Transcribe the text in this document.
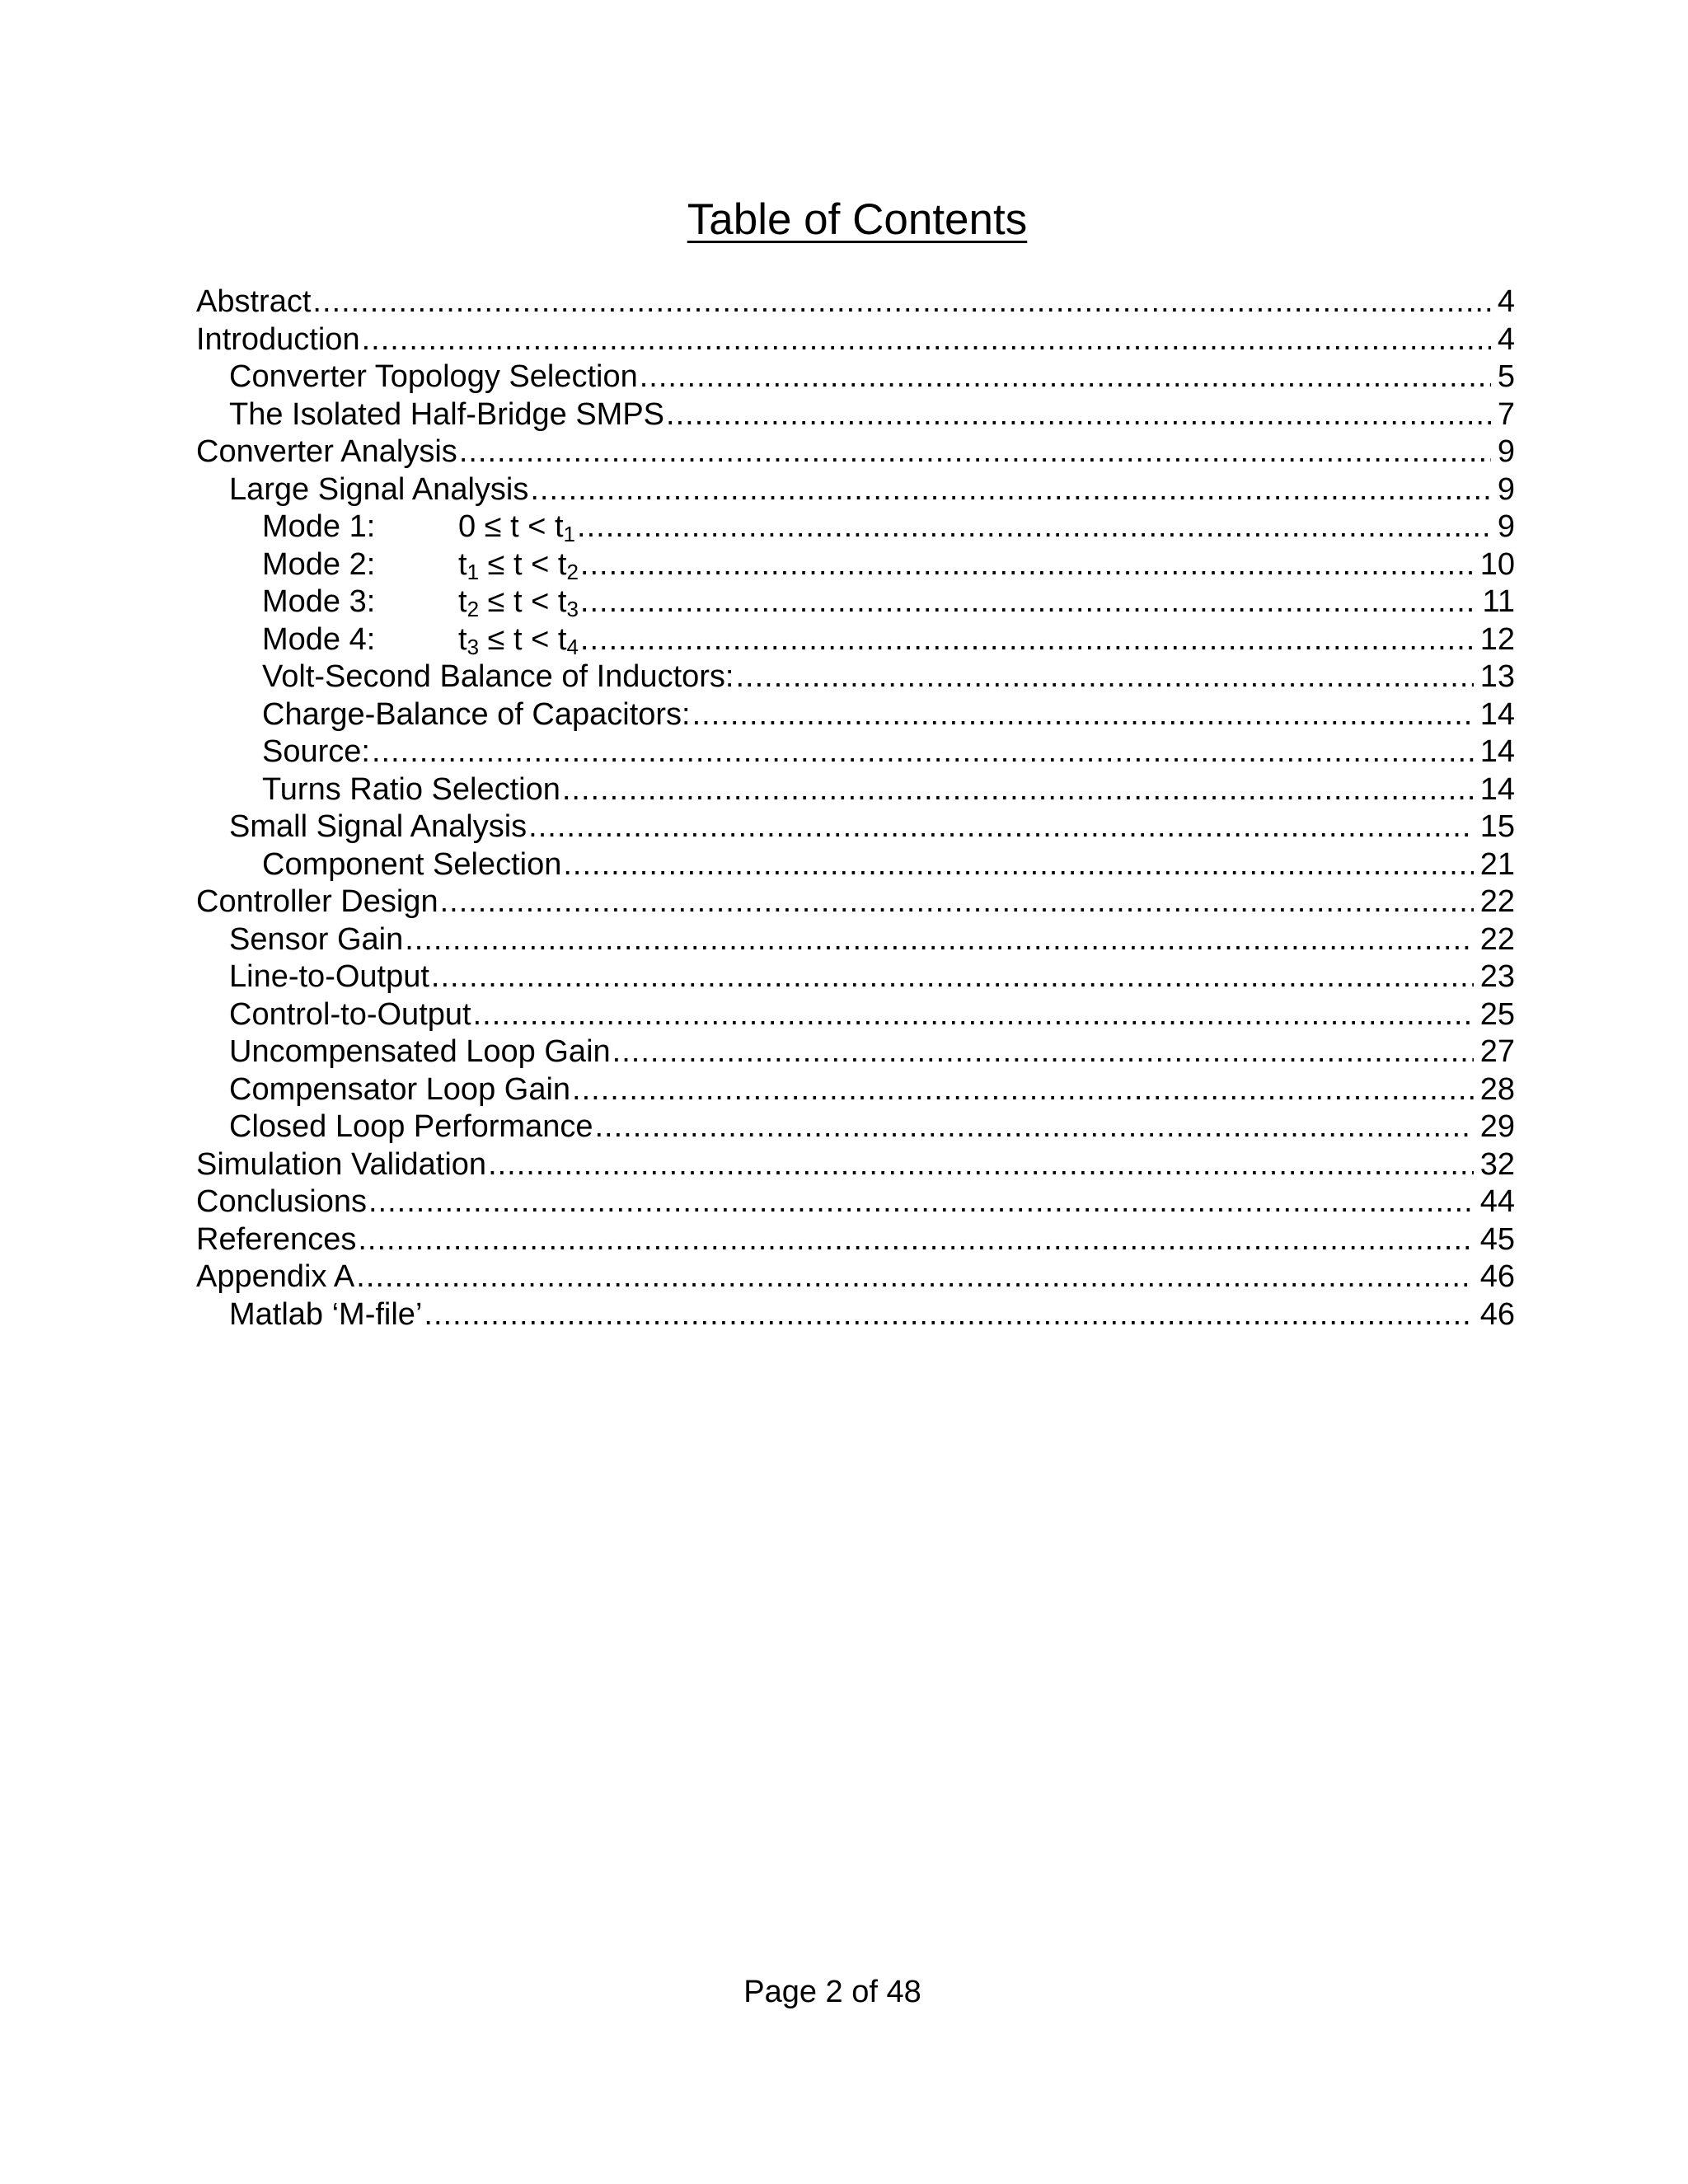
Table of Contents
Abstract .....	4
Introduction .....	4
Converter Topology Selection .....	5
The Isolated Half-Bridge SMPS .....	7
Converter Analysis .....	9
Large Signal Analysis .....	9
Mode 1:	$0 \le t < t_1$ .....	9
Mode 2:	$t_1 \le t < t_2$ .....	10
Mode 3:	$t_2 \le t < t_3$ .....	11
Mode 4:	$t_3 \le t < t_4$ .....	12
Volt-Second Balance of Inductors: .....	13
Charge-Balance of Capacitors: .....	14
Source: .....	14
Turns Ratio Selection .....	14
Small Signal Analysis .....	15
Component Selection .....	21
Controller Design .....	22
Sensor Gain .....	22
Line-to-Output .....	23
Control-to-Output .....	25
Uncompensated Loop Gain .....	27
Compensator Loop Gain .....	28
Closed Loop Performance .....	29
Simulation Validation .....	32
Conclusions .....	44
References .....	45
Appendix A .....	46
Matlab ‘M-file’ .....	46
Page 2 of 48
